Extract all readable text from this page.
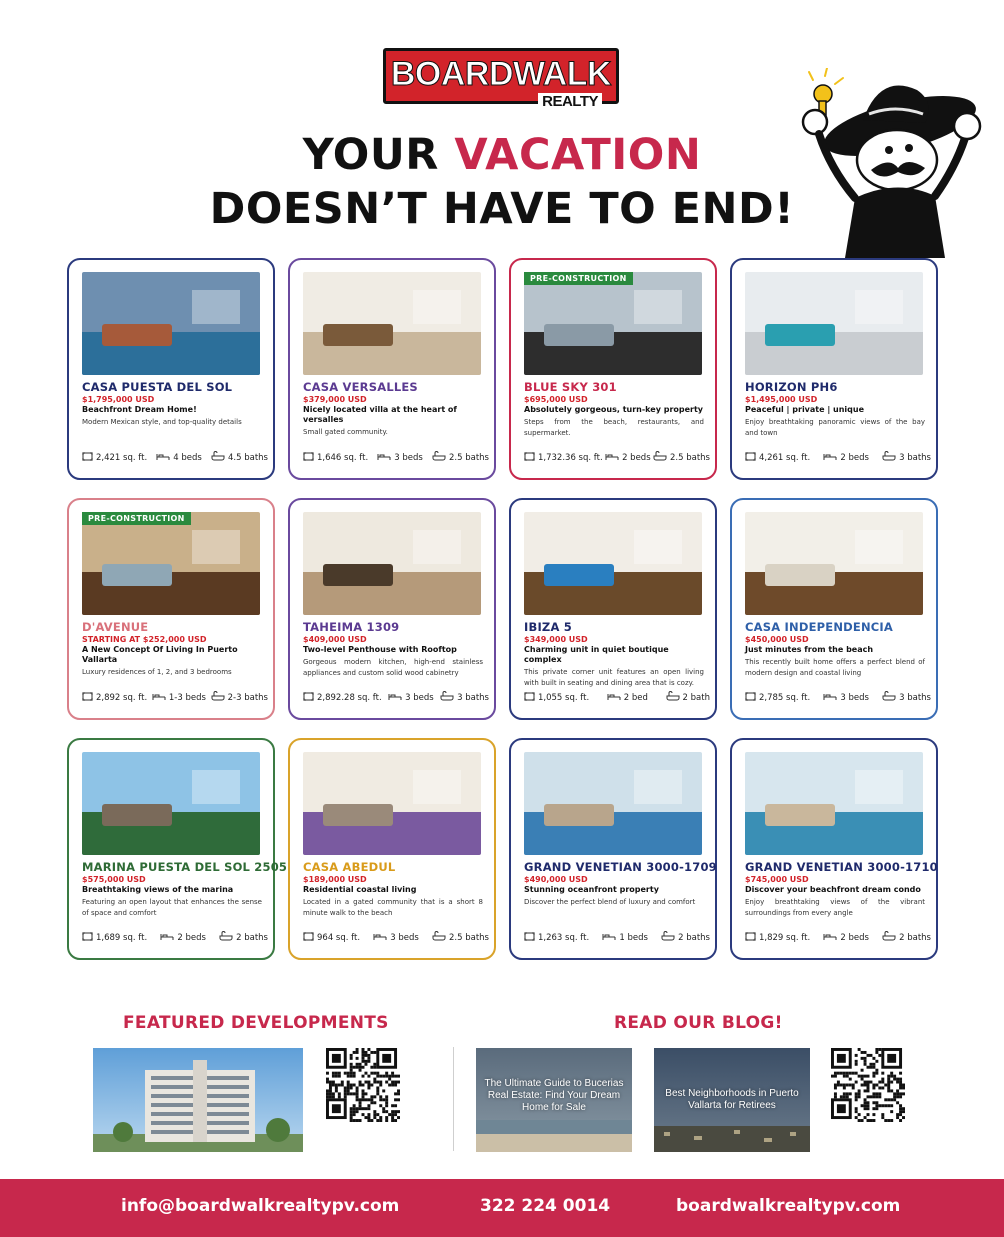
BOARDWALK
REALTY
YOUR VACATION
DOESN’T HAVE TO END!
CASA PUESTA DEL SOL
$1,795,000 USD
Beachfront Dream Home!
Modern Mexican style, and top-quality details
2,421 sq. ft.	4 beds	4.5 baths
CASA VERSALLES
$379,000 USD
Nicely located villa at the heart of versalles
Small gated community.
1,646 sq. ft.	3 beds	2.5 baths
PRE-CONSTRUCTION
BLUE SKY 301
$695,000 USD
Absolutely gorgeous, turn-key property
Steps from the beach, restaurants, and supermarket.
1,732.36 sq. ft. 2 beds 2.5 baths
HORIZON PH6
$1,495,000 USD
Peaceful | private | unique
Enjoy breathtaking panoramic views of the bay and town
4,261 sq. ft.	2 beds	3 baths
PRE-CONSTRUCTION
D'AVENUE
STARTING AT $252,000 USD
A New Concept Of Living In Puerto Vallarta
Luxury residences of 1, 2, and 3 bedrooms
2,892 sq. ft.	1-3 beds	2-3 baths
TAHEIMA 1309
$409,000 USD
Two-level Penthouse with Rooftop
Gorgeous modern kitchen, high-end stainless appliances and custom solid wood cabinetry
2,892.28 sq. ft.	3 beds	3 baths
IBIZA 5
$349,000 USD
Charming unit in quiet boutique complex
This private corner unit features an open living with built in seating and dining area that is cozy.
1,055 sq. ft.	2 bed	2 bath
CASA INDEPENDENCIA
$450,000 USD
Just minutes from the beach
This recently built home offers a perfect blend of modern design and coastal living
2,785 sq. ft.	3 beds	3 baths
MARINA PUESTA DEL SOL 2505
$575,000 USD
Breathtaking views of the marina
Featuring an open layout that enhances the sense of space and comfort
1,689 sq. ft.	2 beds	2 baths
CASA ABEDUL
$189,000 USD
Residential coastal living
Located in a gated community that is a short 8 minute walk to the beach
964 sq. ft.	3 beds	2.5 baths
GRAND VENETIAN 3000-1709
$490,000 USD
Stunning oceanfront property
Discover the perfect blend of luxury and comfort
1,263 sq. ft.	1 beds	2 baths
GRAND VENETIAN 3000-1710
$745,000 USD
Discover your beachfront dream condo
Enjoy breathtaking views of the vibrant surroundings from every angle
1,829 sq. ft.	2 beds	2 baths
FEATURED DEVELOPMENTS	READ OUR BLOG!
The Ultimate Guide to Bucerias Real Estate: Find Your Dream Home for Sale
Best Neighborhoods in Puerto Vallarta for Retirees
info@boardwalkrealtypv.com	322 224 0014	boardwalkrealtypv.com
